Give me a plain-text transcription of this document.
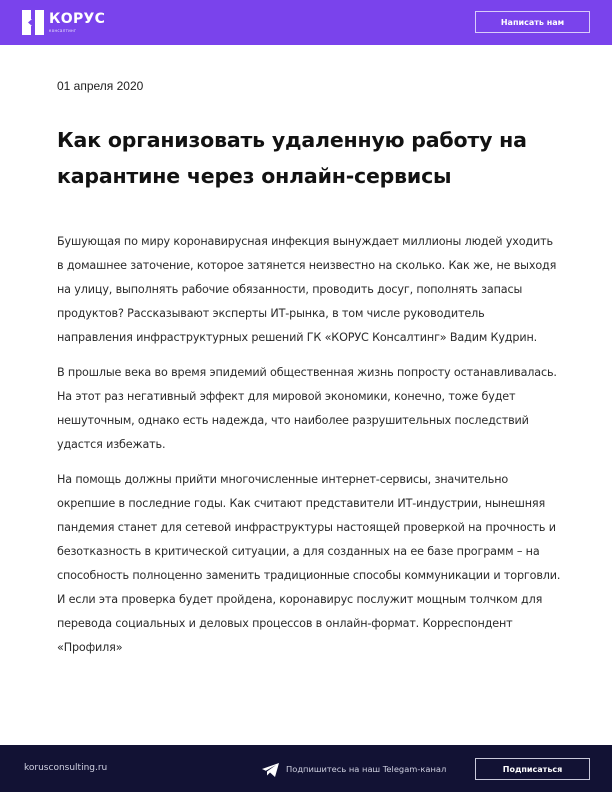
КОРУС
консалтинг
Написать нам
01 апреля 2020
Как организовать удаленную работу на карантине через онлайн-сервисы

Бушующая по миру коронавирусная инфекция вынуждает миллионы людей уходить в домашнее заточение, которое затянется неизвестно на сколько. Как же, не выходя на улицу, выполнять рабочие обязанности, проводить досуг, пополнять запасы продуктов? Рассказывают эксперты ИТ-рынка, в том числе руководитель направления инфраструктурных решений ГК «КОРУС Консалтинг» Вадим Кудрин.

В прошлые века во время эпидемий общественная жизнь попросту останавливалась. На этот раз негативный эффект для мировой экономики, конечно, тоже будет нешуточным, однако есть надежда, что наиболее разрушительных последствий удастся избежать.

На помощь должны прийти многочисленные интернет-сервисы, значительно окрепшие в последние годы. Как считают представители ИТ-индустрии, нынешняя пандемия станет для сетевой инфраструктуры настоящей проверкой на прочность и безотказность в критической ситуации, а для созданных на ее базе программ – на способность полноценно заменить традиционные способы коммуникации и торговли. И если эта проверка будет пройдена, коронавирус послужит мощным толчком для перевода социальных и деловых процессов в онлайн-формат. Корреспондент «Профиля»

korusconsulting.ru	Подпишитесь на наш Telegam-канал	Подписаться
